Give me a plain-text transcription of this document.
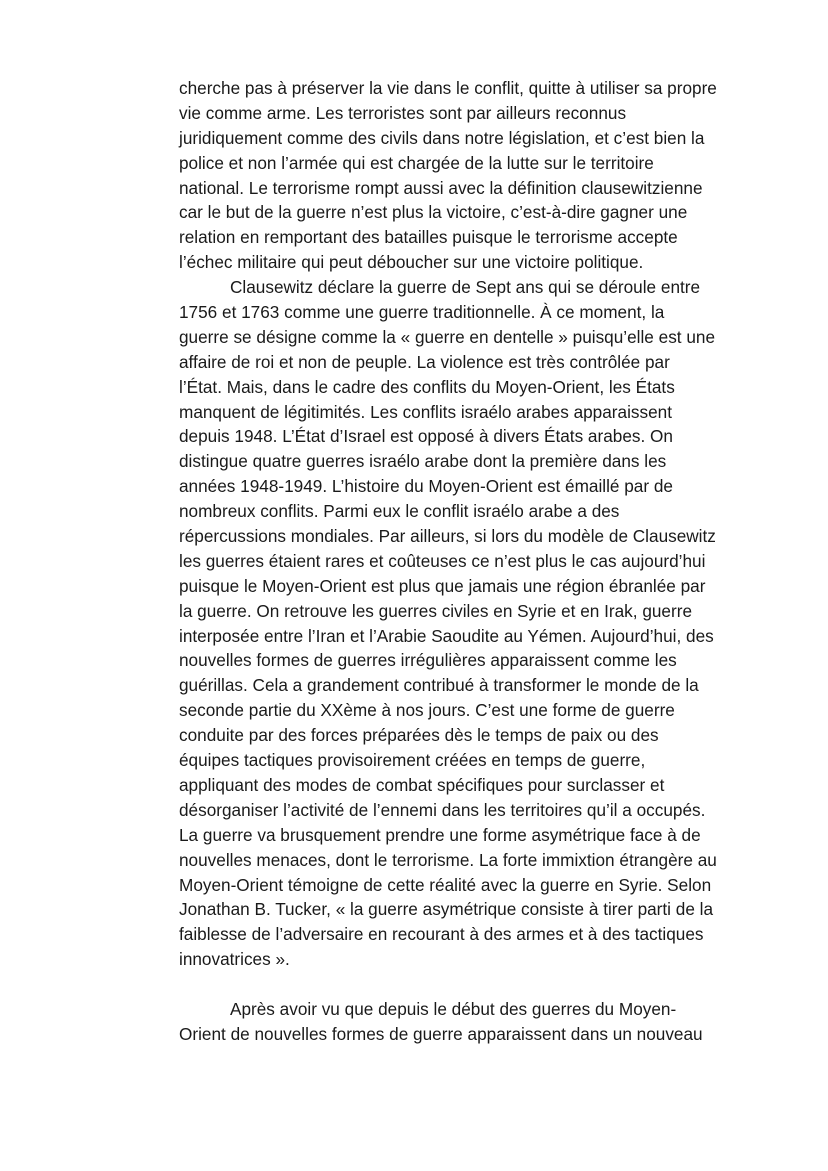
cherche pas à préserver la vie dans le conflit, quitte à utiliser sa propre
vie comme arme. Les terroristes sont par ailleurs reconnus
juridiquement comme des civils dans notre législation, et c’est bien la
police et non l’armée qui est chargée de la lutte sur le territoire
national. Le terrorisme rompt aussi avec la définition clausewitzienne
car le but de la guerre n’est plus la victoire, c’est-à-dire gagner une
relation en remportant des batailles puisque le terrorisme accepte
l’échec militaire qui peut déboucher sur une victoire politique.
Clausewitz déclare la guerre de Sept ans qui se déroule entre
1756 et 1763 comme une guerre traditionnelle. À ce moment, la
guerre se désigne comme la « guerre en dentelle » puisqu’elle est une
affaire de roi et non de peuple. La violence est très contrôlée par
l’État. Mais, dans le cadre des conflits du Moyen-Orient, les États
manquent de légitimités. Les conflits israélo arabes apparaissent
depuis 1948. L’État d’Israel est opposé à divers États arabes. On
distingue quatre guerres israélo arabe dont la première dans les
années 1948-1949. L’histoire du Moyen-Orient est émaillé par de
nombreux conflits. Parmi eux le conflit israélo arabe a des
répercussions mondiales. Par ailleurs, si lors du modèle de Clausewitz
les guerres étaient rares et coûteuses ce n’est plus le cas aujourd’hui
puisque le Moyen-Orient est plus que jamais une région ébranlée par
la guerre. On retrouve les guerres civiles en Syrie et en Irak, guerre
interposée entre l’Iran et l’Arabie Saoudite au Yémen. Aujourd’hui, des
nouvelles formes de guerres irrégulières apparaissent comme les
guérillas. Cela a grandement contribué à transformer le monde de la
seconde partie du XXème à nos jours. C’est une forme de guerre
conduite par des forces préparées dès le temps de paix ou des
équipes tactiques provisoirement créées en temps de guerre,
appliquant des modes de combat spécifiques pour surclasser et
désorganiser l’activité de l’ennemi dans les territoires qu’il a occupés.
La guerre va brusquement prendre une forme asymétrique face à de
nouvelles menaces, dont le terrorisme. La forte immixtion étrangère au
Moyen-Orient témoigne de cette réalité avec la guerre en Syrie. Selon
Jonathan B. Tucker, « la guerre asymétrique consiste à tirer parti de la
faiblesse de l’adversaire en recourant à des armes et à des tactiques
innovatrices ».
Après avoir vu que depuis le début des guerres du Moyen-
Orient de nouvelles formes de guerre apparaissent dans un nouveau
